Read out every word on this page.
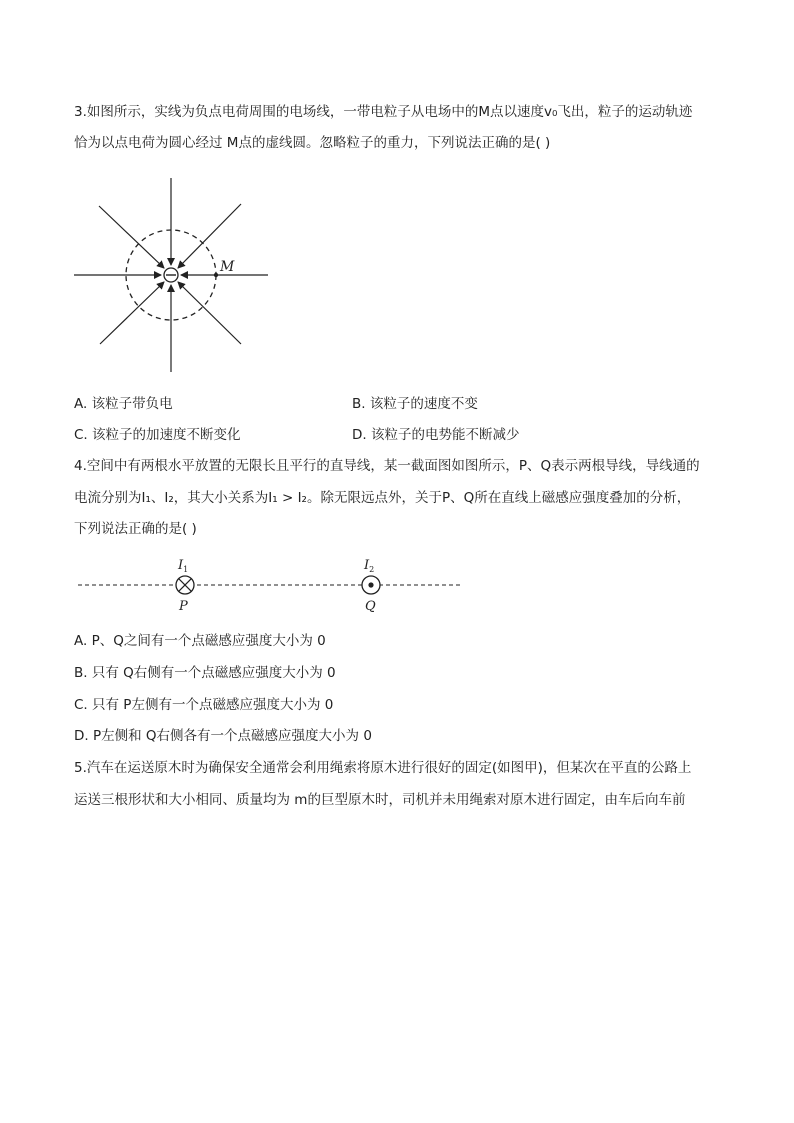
3.如图所示，实线为负点电荷周围的电场线，一带电粒子从电场中的M点以速度v₀飞出，粒子的运动轨迹
恰为以点电荷为圆心经过 M点的虚线圆。忽略粒子的重力，下列说法正确的是( )
M
A. 该粒子带负电	B. 该粒子的速度不变
C. 该粒子的加速度不断变化	D. 该粒子的电势能不断减少
4.空间中有两根水平放置的无限长且平行的直导线，某一截面图如图所示，P、Q表示两根导线，导线通的
电流分别为I₁、I₂，其大小关系为I₁ > I₂。除无限远点外，关于P、Q所在直线上磁感应强度叠加的分析，
下列说法正确的是( )
$I_1$	$I_2$
P	Q
A. P、Q之间有一个点磁感应强度大小为 0
B. 只有 Q右侧有一个点磁感应强度大小为 0
C. 只有 P左侧有一个点磁感应强度大小为 0
D. P左侧和 Q右侧各有一个点磁感应强度大小为 0
5.汽车在运送原木时为确保安全通常会利用绳索将原木进行很好的固定(如图甲)，但某次在平直的公路上
运送三根形状和大小相同、质量均为 m的巨型原木时，司机并未用绳索对原木进行固定，由车后向车前
